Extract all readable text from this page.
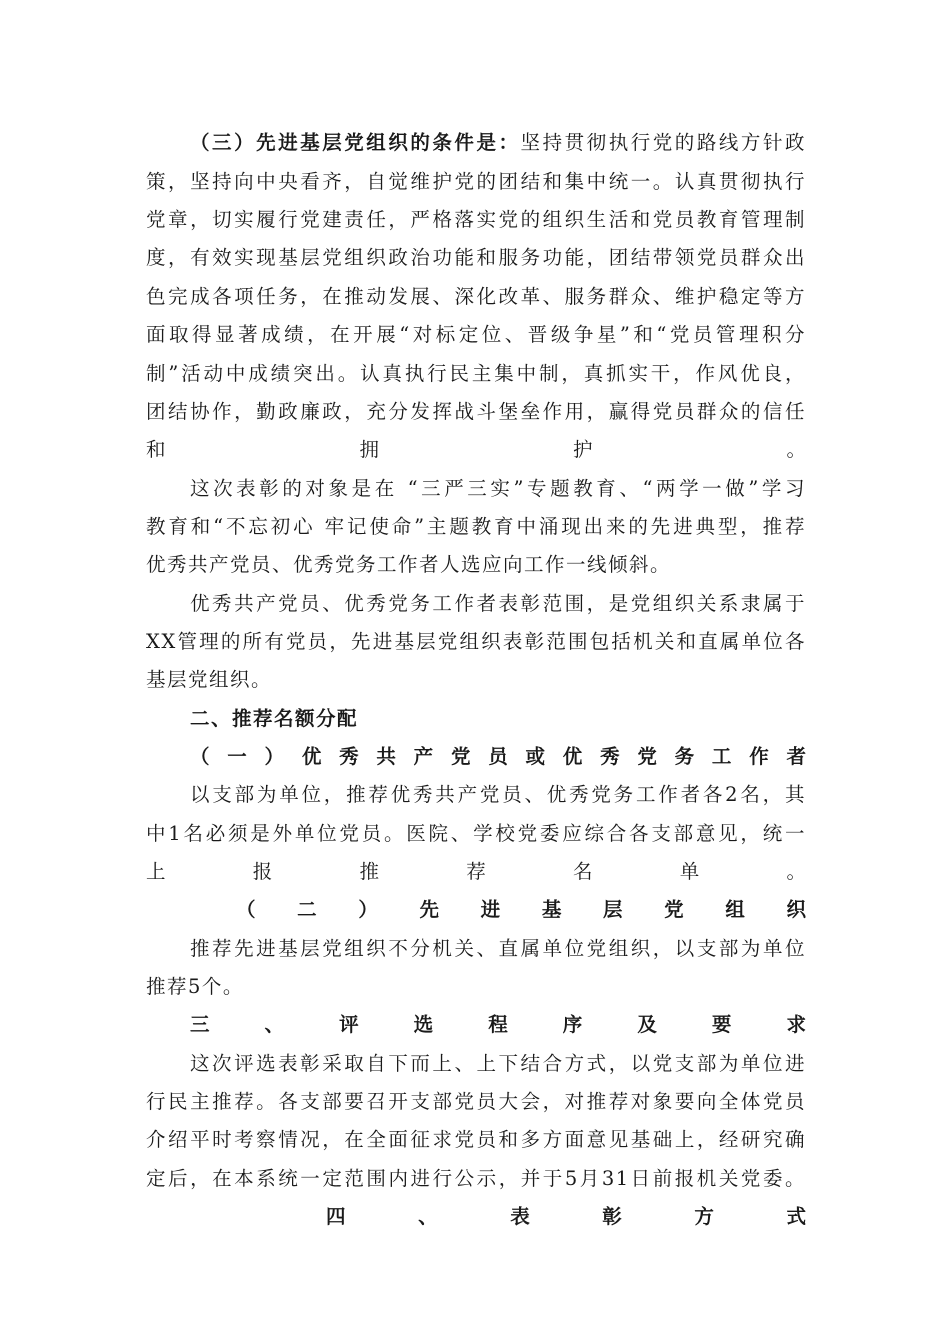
（三）先进基层党组织的条件是：坚持贯彻执行党的路线方针政
策，坚持向中央看齐，自觉维护党的团结和集中统一。认真贯彻执行
党章，切实履行党建责任，严格落实党的组织生活和党员教育管理制
度，有效实现基层党组织政治功能和服务功能，团结带领党员群众出
色完成各项任务，在推动发展、深化改革、服务群众、维护稳定等方
面取得显著成绩，在开展“对标定位、晋级争星”和“党员管理积分
制”活动中成绩突出。认真执行民主集中制，真抓实干，作风优良，
团结协作，勤政廉政，充分发挥战斗堡垒作用，赢得党员群众的信任
和　拥　护　。
这次表彰的对象是在 “三严三实”专题教育、“两学一做”学习
教育和“不忘初心 牢记使命”主题教育中涌现出来的先进典型，推荐
优秀共产党员、优秀党务工作者人选应向工作一线倾斜。
优秀共产党员、优秀党务工作者表彰范围，是党组织关系隶属于
XX管理的所有党员，先进基层党组织表彰范围包括机关和直属单位各
基层党组织。
二、推荐名额分配
（一）优秀共产党员或优秀党务工作者
以支部为单位，推荐优秀共产党员、优秀党务工作者各2名，其
中1名必须是外单位党员。医院、学校党委应综合各支部意见，统一
上　报　推　荐　名　单　。
（二）先进基层党组织
推荐先进基层党组织不分机关、直属单位党组织，以支部为单位
推荐5个。
三、评选程序及要求
这次评选表彰采取自下而上、上下结合方式，以党支部为单位进
行民主推荐。各支部要召开支部党员大会，对推荐对象要向全体党员
介绍平时考察情况，在全面征求党员和多方面意见基础上，经研究确
定后，在本系统一定范围内进行公示，并于5月31日前报机关党委。
四、表彰方式
